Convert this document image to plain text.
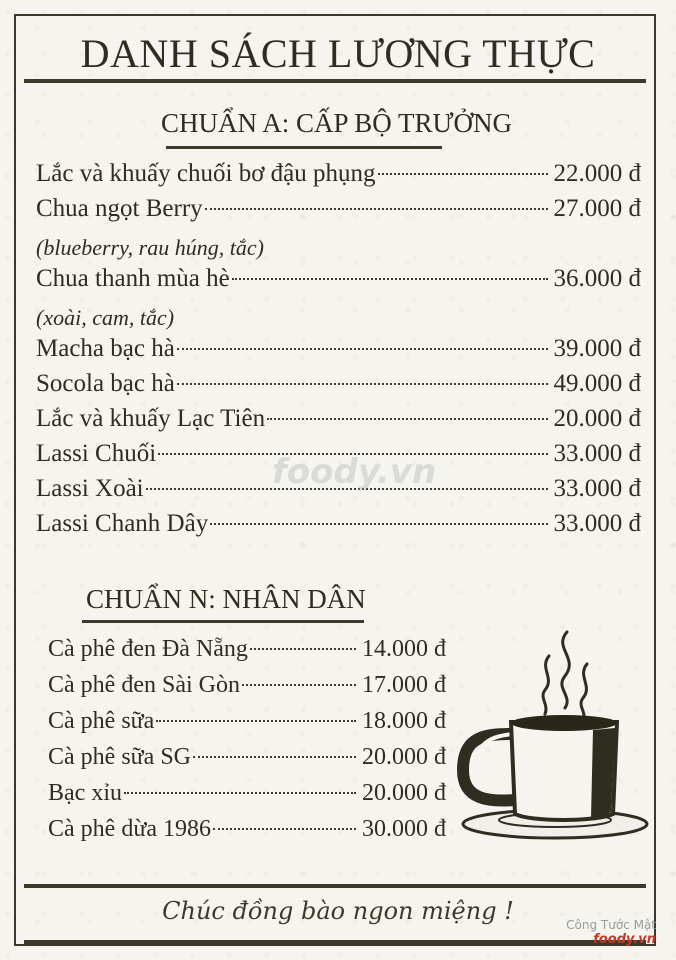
DANH SÁCH LƯƠNG THỰC
CHUẨN A: CẤP BỘ TRƯỞNG
Lắc và khuấy chuối bơ đậu phụng	22.000 đ
Chua ngọt Berry	27.000 đ
(blueberry, rau húng, tắc)
Chua thanh mùa hè	36.000 đ
(xoài, cam, tắc)
Macha bạc hà	39.000 đ
Socola bạc hà	49.000 đ
Lắc và khuấy Lạc Tiên	20.000 đ
Lassi Chuối	33.000 đ
Lassi Xoài	33.000 đ
Lassi Chanh Dây	33.000 đ
CHUẨN N: NHÂN DÂN
Cà phê đen Đà Nẵng	14.000 đ
Cà phê đen Sài Gòn	17.000 đ
Cà phê sữa	18.000 đ
Cà phê sữa SG	20.000 đ
Bạc xỉu	20.000 đ
Cà phê dừa 1986	30.000 đ
Chúc đồng bào ngon miệng !
foody.vn
Công Tước Mật
foody.vn
